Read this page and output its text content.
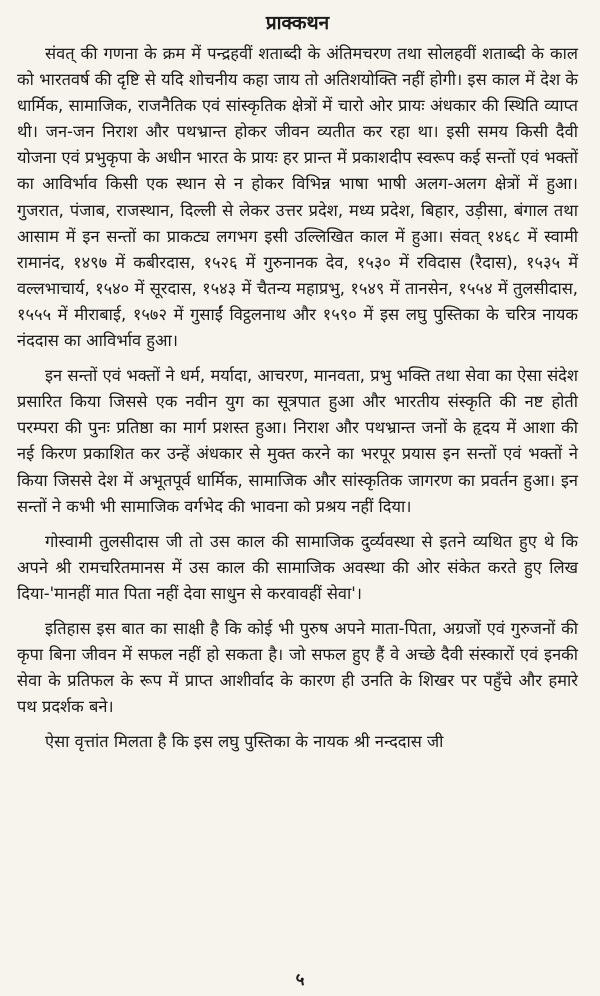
प्राक्कथन

संवत् की गणना के क्रम में पन्द्रहवीं शताब्दी के अंतिमचरण तथा सोलहवीं शताब्दी के काल को भारतवर्ष की दृष्टि से यदि शोचनीय कहा जाय तो अतिशयोक्ति नहीं होगी। इस काल में देश के धार्मिक, सामाजिक, राजनैतिक एवं सांस्कृतिक क्षेत्रों में चारो ओर प्रायः अंधकार की स्थिति व्याप्त थी। जन-जन निराश और पथभ्रान्त होकर जीवन व्यतीत कर रहा था। इसी समय किसी दैवी योजना एवं प्रभुकृपा के अधीन भारत के प्रायः हर प्रान्त में प्रकाशदीप स्वरूप कई सन्तों एवं भक्तों का आविर्भाव किसी एक स्थान से न होकर विभिन्न भाषा भाषी अलग-अलग क्षेत्रों में हुआ। गुजरात, पंजाब, राजस्थान, दिल्ली से लेकर उत्तर प्रदेश, मध्य प्रदेश, बिहार, उड़ीसा, बंगाल तथा आसाम में इन सन्तों का प्राकट्य लगभग इसी उल्लिखित काल में हुआ। संवत् १४६८ में स्वामी रामानंद, १४९७ में कबीरदास, १५२६ में गुरुनानक देव, १५३० में रविदास (रैदास), १५३५ में वल्लभाचार्य, १५४० में सूरदास, १५४३ में चैतन्य महाप्रभु, १५४९ में तानसेन, १५५४ में तुलसीदास, १५५५ में मीराबाई, १५७२ में गुसाईं विट्ठलनाथ और १५९० में इस लघु पुस्तिका के चरित्र नायक नंददास का आविर्भाव हुआ।

इन सन्तों एवं भक्तों ने धर्म, मर्यादा, आचरण, मानवता, प्रभु भक्ति तथा सेवा का ऐसा संदेश प्रसारित किया जिससे एक नवीन युग का सूत्रपात हुआ और भारतीय संस्कृति की नष्ट होती परम्परा की पुनः प्रतिष्ठा का मार्ग प्रशस्त हुआ। निराश और पथभ्रान्त जनों के हृदय में आशा की नई किरण प्रकाशित कर उन्हें अंधकार से मुक्त करने का भरपूर प्रयास इन सन्तों एवं भक्तों ने किया जिससे देश में अभूतपूर्व धार्मिक, सामाजिक और सांस्कृतिक जागरण का प्रवर्तन हुआ। इन सन्तों ने कभी भी सामाजिक वर्गभेद की भावना को प्रश्रय नहीं दिया।

गोस्वामी तुलसीदास जी तो उस काल की सामाजिक दुर्व्यवस्था से इतने व्यथित हुए थे कि अपने श्री रामचरितमानस में उस काल की सामाजिक अवस्था की ओर संकेत करते हुए लिख दिया-'मानहीं मात पिता नहीं देवा साधुन से करवावहीं सेवा'।

इतिहास इस बात का साक्षी है कि कोई भी पुरुष अपने माता-पिता, अग्रजों एवं गुरुजनों की कृपा बिना जीवन में सफल नहीं हो सकता है। जो सफल हुए हैं वे अच्छे दैवी संस्कारों एवं इनकी सेवा के प्रतिफल के रूप में प्राप्त आशीर्वाद के कारण ही उनति के शिखर पर पहुँचे और हमारे पथ प्रदर्शक बने।

ऐसा वृत्तांत मिलता है कि इस लघु पुस्तिका के नायक श्री नन्ददास जी

५
